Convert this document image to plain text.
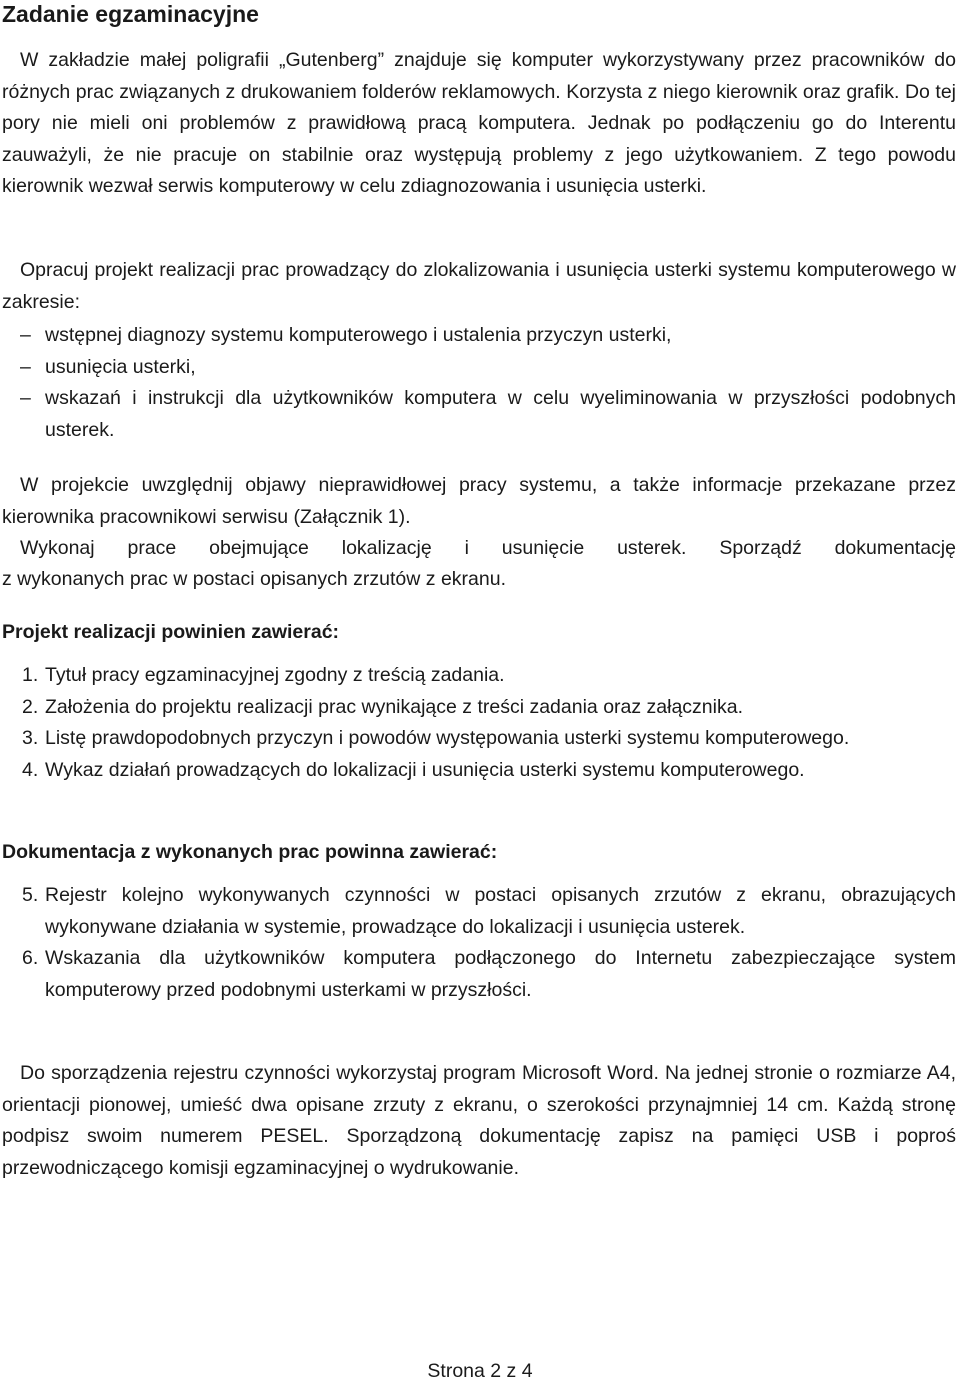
Zadanie egzaminacyjne

W zakładzie małej poligrafii „Gutenberg” znajduje się komputer wykorzystywany przez pracowników do różnych prac związanych z drukowaniem folderów reklamowych. Korzysta z niego kierownik oraz grafik. Do tej pory nie mieli oni problemów z prawidłową pracą komputera. Jednak po podłączeniu go do Interentu zauważyli, że nie pracuje on stabilnie oraz występują problemy z jego użytkowaniem. Z tego powodu kierownik wezwał serwis komputerowy w celu zdiagnozowania i usunięcia usterki.

Opracuj projekt realizacji prac prowadzący do zlokalizowania i usunięcia usterki systemu komputerowego w zakresie:

– wstępnej diagnozy systemu komputerowego i ustalenia przyczyn usterki,
– usunięcia usterki,
– wskazań i instrukcji dla użytkowników komputera w celu wyeliminowania w przyszłości podobnych usterek.

W projekcie uwzględnij objawy nieprawidłowej pracy systemu, a także informacje przekazane przez kierownika pracownikowi serwisu (Załącznik 1).

Wykonaj prace obejmujące lokalizację i usunięcie usterek. Sporządź dokumentację

z wykonanych prac w postaci opisanych zrzutów z ekranu.

Projekt realizacji powinien zawierać:
1. Tytuł pracy egzaminacyjnej zgodny z treścią zadania.
2. Założenia do projektu realizacji prac wynikające z treści zadania oraz załącznika.
3. Listę prawdopodobnych przyczyn i powodów występowania usterki systemu komputerowego.
4. Wykaz działań prowadzących do lokalizacji i usunięcia usterki systemu komputerowego.
Dokumentacja z wykonanych prac powinna zawierać:
5. Rejestr kolejno wykonywanych czynności w postaci opisanych zrzutów z ekranu, obrazujących wykonywane działania w systemie, prowadzące do lokalizacji i usunięcia usterek.
6. Wskazania dla użytkowników komputera podłączonego do Internetu zabezpieczające system komputerowy przed podobnymi usterkami w przyszłości.

Do sporządzenia rejestru czynności wykorzystaj program Microsoft Word. Na jednej stronie o rozmiarze A4, orientacji pionowej, umieść dwa opisane zrzuty z ekranu, o szerokości przynajmniej 14 cm. Każdą stronę podpisz swoim numerem PESEL. Sporządzoną dokumentację zapisz na pamięci USB i poproś przewodniczącego komisji egzaminacyjnej o wydrukowanie.

Strona 2 z 4
